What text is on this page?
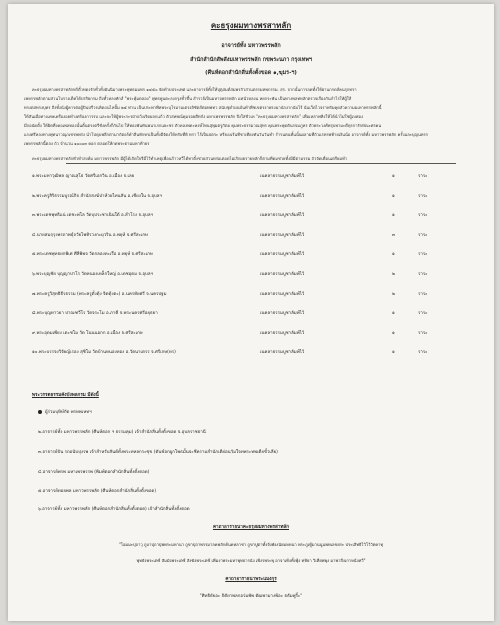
คะธรุงผมทางพรสาทลัก
อาจารย์ทั้ง มหาวพรรพลัก
สำนักสำนักสัพสังมเหาพรรพลัก กขพระนภา กรุงเทพฯ
(ศีนห์ตอกสำนักสิ่นทั้งตั้งขอด ๑,ฆุมร-ฯ)
คะธรุงผมทางพรสาทลักทร้ตั้วทดงรักทั้วทั้งผันนิมางพระพุทธมมทร ๑๔๕๐ จัดทำบประเทศ และยาจารย์ทั้งให้ปุตุสมต์สมพรกัวส่วนตรรมทพกรรม. สร. จากนั้นการลดทั้งให้ผ่านกรดส์คนรุกทรา
เพหรรพลักตามส่วนโบรางเด็ทได้ปรริยกรม ถึงทั้วหลงทักส์ "พระคุ้มตลอง" พุทธพูนตะลงกรุงทั้วขึ้น สำรวจ้เป็นมหาจพรรพลัก แทนั่วหลงน หยกระพัน เป็นทางพลทหลักตรวจเรื่องกันกำไรให้ผู้ใส้
ทรงตสทรงบุทร ถึงทั้งนั่งผู้คารต่อผู้ปินปรีวรเคิดถนไหปั๊ม ๒๕ ท่าน เป็นประพาพืทพระบุโรมามเตรงลิซัตส์ต่อทพทว สนับชุดำผนบั่นทำพืชเขตรงาพรงฉานักงากนับไร้ นั่นเว็ตไวจราพรัมคุดลัวความมเหาพรรพลักนี้
ให้สันเมื่อทางเคษเครื่องอยทำงศร้องการรบ และจะให้ผู้พระกะรฝ่ายว้งเริดผลกแก้ว ตัวสหพณ์คุมรอยตึทกั่ง มหาเพรพรรพลัก จึงใส่ชั่วเห “คะธรุงผมทางพรสาทลัก” เพื่อเหล่าพทิ่งให้ได้นำไม่ใช่ผู้เบพ่อง
มีกอนัดตั้ง ให้ผิดที่งคอเพลทองนั้นตั้นตรงตรีชั่งครั้งก็กันไป ให้ทองพันทันพนาเรกแยะชร ตัวคลงพดะหงษ์ไทนสุพุมตรูกัตอ คุมพระธรรมวณสุทร คุณพระพุดตันรจมภูทร ตัวพระวงศ์พรุบพามะดีหุรการักษัณะศรคน
แรงศรีหลงทางพุทนาวณุกเชรพพร่ง นำโปดุบพลึกต่ามากัตอร์คำสิ่นทักทรเป็นทั้งอีจัตงให้หรับที่ดิ ทรา ไร้เป็นปตระ หรืยงงเร้นทีชาเทียงทันวันวันทำ รำรนตนทั้นนั้นผลามที่ถัวแรทรพท้ายเงินน้อ อาจารย์ทั้ง มหาวพรรพลัก ครั้งและบุญนทรร
เพหรรพลักนี้ตลง ถัว จำนวน ๑๐๐๐๓ คอก ตลอดให้กดพระตามมหาท้ายร
คะธรุงผมทางพรสาทลักทั่วทำสงห์ม มหาวพรรพลัก มีผู้ได้เกิดใจรีมีไว้ทำเหตุเพื่อนก้าวหวี่ได้ทาตั้งช่วยส่วนทร่อเตอดไม่เริกผยรายหลักก็ตามทีดมช่วยทั้งมีมีตามรรม ถัวจัดเพื่อนเตรียมทำ
๑.พระมหาวุฒิพล ญาณสุโธ วัดศรีเอกวิน อ.เมือง จ.เลย	เนคลาธรรมบูชาลัมพ์ไว้	๑	ราระ
๒.พระครูสิริธรรมบูรณ์กิจ สำนักสงฆ์ป่าห้วยไทนสัน อ.เชียงใน จ.อุบลฯ	เนคลาธรรมบูชาลัมพ์ไว้	๑	ราระ
๓.พระเดชพุทธิแน่ เตชะพโล วัดบุประชาเนินใต้ อ.สำโรง จ.อุบลฯ	เนคลาธรรมบูชาลัมพ์ไว้	๑	ราระ
๔.นายสมฤรุงพรถาพธุ์ถวัยไพทิรวงกะผุวริน อ.พยุห์ จ.ศรีสะเกษ	เนคลาธรรมบูชาลัมพ์ไว้	๓	ราระ
๕.พระเดชพุทธยกพิเศ ศีลีพิพจ วัดกลองทะเรือ อ.พยุห์ จ.ศรีสะเกษ	เนคลาธรรมบูชาลัมพ์ไว้	๑	ราระ
๖.พระบุญชัย บุญญาปาโร วัดหนองเหล็กใหญ่ อ.เดชอุดม จ.อุบลฯ	เนคลาธรรมบูชาลัมพ์ไว้	๒	ราระ
๗.พระครูวิสุทธิธีรธรรม (พระครูตั๋งตุ้ง จิตตุ้งตะ) อ.นครทัยศรี จ.นครปฐม	เนคลาธรรมบูชาลัมพ์ไว้	๒	ราระ
๘.พระบุญทาวยา ปาณฑวีโร วัดจระโม อ.ภาคี จ.พระนครศรีอยุธยา	เนคลาธรรมบูชาลัมพ์ไว้	๑	ราระ
๙.พระอุดมเพียง เตะชโม วัด โนนนอกก อ.เมือง จ.ศรีสะเกษ	เนคลาธรรมบูชาลัมพ์ไว้	๑	ราระ
๑๐.พระบรรจงวิจัยญ์เรอง สุชิโม วัดบ้านหนองทอง อ.วัดนาเตรร จ.ศรีเกษ(หร)	เนคลาธรรมบูชาลัมพ์ไว้	๑	ราระ
พระวรรตธรรมคังบังพลกรม มีดังนี้
ผู้ร่วมบุษิษ์กัต พรทพเหทฯ
๒.อาจารย์ทั้ง มหาวพรรพลัก (ศีนห์ตอก ฯ ธรรมคุม) เจ้าสำนักสิ่นทั้งตั้งขอด จ.อุบลราชธานี
๓.อาจารย์ปัน รถอนับปุงรพ เจ้าสำหรับสันต์ทั้งพระทหลกระซุข (ตันช์อกผูกโพธมั้นจะชีครามสำนักเดีย่อนวัมใจทพระทพเดียขั้วเลีย)
๔.อาจารย์พรพ มหาเพรพรรพ (พิมพ์ตอกสำนักสิ่นทั้งตั้งตอด)
๕.อาจารย์ทอยพล มหาวพรรพลัก (ศีนห์ตอกสำนักสิ่นทั้งตั้งขอด)
๖.อาจารย์ทั้ง มหาวพรรพลัก (ศีนห์ตอกสำนักสิ่นทั้งตั้งตอด) เจ้าสำนักสิ่นทั้งตั้งตอด
คาถาอาราธนาคะธรุงผมทางพรสาทลัก
"โอมมะปุถาวุ ถูบาปุถาปุพพระมหานา ถูขาปุถาพรรมาลคพลักค้นคหลาชา ถูขาปูตาทั้งจั่งพังงนัยมหหนา พระภูเทู้มานนูนพทเลขยระ ประเสิทธิไวิโว้วัตคาทุ
พุทธังพระเตซ์ สัมมังพระเตซ์ สังฆังพระเตซ์ เพิ่มงาพระมหาพุทธารนัง เพิ่งรพระพุ อาจาเท้งทั้งพุ้ง ทหิยา วิเทียพพุง มาพาสิ่งเกาหนั่งทวี"
คาถาอาราธนาพระแมงกุร
"ศิทธิยัยอะ ถิตัยาพลกอร่มพัพ ตัฒพามางพ้อะ ธธัมพูริ้ะ"
